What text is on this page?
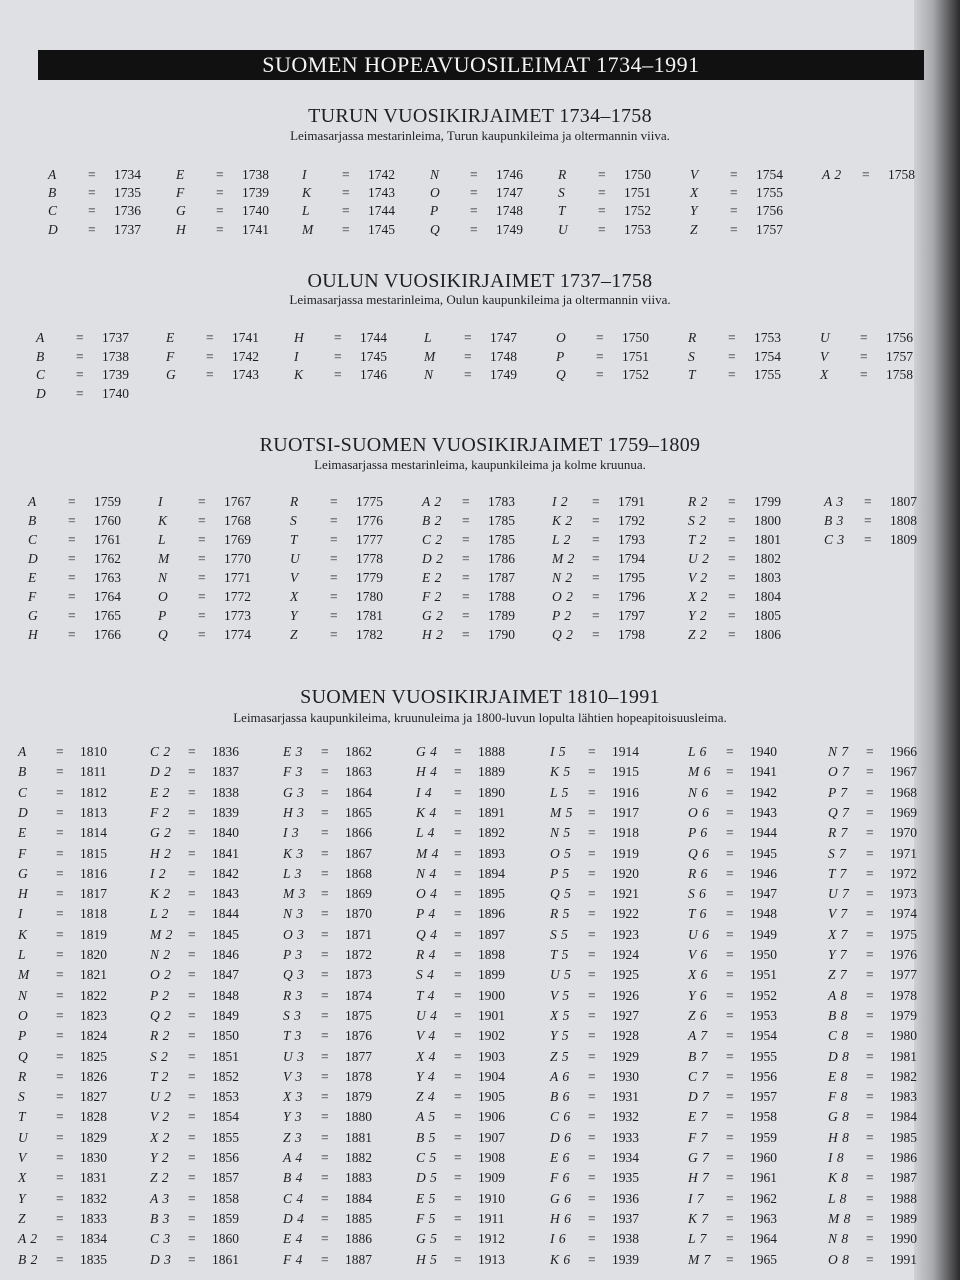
SUOMEN HOPEAVUOSILEIMAT 1734–1991
TURUN VUOSIKIRJAIMET 1734–1758
Leimasarjassa mestarinleima, Turun kaupunkileima ja oltermannin viiva.
A = 1734
B = 1735
C = 1736
D = 1737
E = 1738
F = 1739
G = 1740
H = 1741
I	= 1742
K = 1743
L = 1744
M = 1745
N = 1746
O = 1747
P = 1748
Q = 1749
R = 1750
S = 1751
T = 1752
U = 1753
V = 1754
X = 1755
Y = 1756
Z = 1757
A 2 = 1758
OULUN VUOSIKIRJAIMET 1737–1758
Leimasarjassa mestarinleima, Oulun kaupunkileima ja oltermannin viiva.
A = 1737
B = 1738
C = 1739
D = 1740
E = 1741
F = 1742
G = 1743
H = 1744
I	= 1745
K = 1746
L = 1747
M = 1748
N = 1749
O = 1750
P = 1751
Q = 1752
R = 1753
S = 1754
T = 1755
U = 1756
V = 1757
X = 1758
RUOTSI-SUOMEN VUOSIKIRJAIMET 1759–1809
Leimasarjassa mestarinleima, kaupunkileima ja kolme kruunua.
A = 1759
B = 1760
C = 1761
D = 1762
E = 1763
F = 1764
G = 1765
H = 1766
I	= 1767
K = 1768
L = 1769
M = 1770
N = 1771
O = 1772
P = 1773
Q = 1774
R = 1775
S = 1776
T = 1777
U = 1778
V = 1779
X = 1780
Y = 1781
Z = 1782
A 2 = 1783
B 2 = 1785
C 2 = 1785
D 2 = 1786
E 2 = 1787
F 2 = 1788
G 2 = 1789
H 2 = 1790
I 2 = 1791
K 2 = 1792
L 2 = 1793
M 2 = 1794
N 2 = 1795
O 2 = 1796
P 2 = 1797
Q 2 = 1798
R 2 = 1799
S 2 = 1800
T 2 = 1801
U 2 = 1802
V 2 = 1803
X 2 = 1804
Y 2 = 1805
Z 2 = 1806
A 3 = 1807
B 3 = 1808
C 3 = 1809
SUOMEN VUOSIKIRJAIMET 1810–1991
Leimasarjassa kaupunkileima, kruunuleima ja 1800-luvun lopulta lähtien hopeapitoisuusleima.
A = 1810
B = 1811
C = 1812
D = 1813
E = 1814
F = 1815
G = 1816
H = 1817
I = 1818
K = 1819
L = 1820
M = 1821
N = 1822
O = 1823
P = 1824
Q = 1825
R = 1826
S = 1827
T = 1828
U = 1829
V = 1830
X = 1831
Y = 1832
Z = 1833
A 2 = 1834
B 2 = 1835
C 2 = 1836
D 2 = 1837
E 2 = 1838
F 2 = 1839
G 2 = 1840
H 2 = 1841
I 2 = 1842
K 2 = 1843
L 2 = 1844
M 2 = 1845
N 2 = 1846
O 2 = 1847
P 2 = 1848
Q 2 = 1849
R 2 = 1850
S 2 = 1851
T 2 = 1852
U 2 = 1853
V 2 = 1854
X 2 = 1855
Y 2 = 1856
Z 2 = 1857
A 3 = 1858
B 3 = 1859
C 3 = 1860
D 3 = 1861
E 3 = 1862
F 3 = 1863
G 3 = 1864
H 3 = 1865
I 3 = 1866
K 3 = 1867
L 3 = 1868
M 3 = 1869
N 3 = 1870
O 3 = 1871
P 3 = 1872
Q 3 = 1873
R 3 = 1874
S 3 = 1875
T 3 = 1876
U 3 = 1877
V 3 = 1878
X 3 = 1879
Y 3 = 1880
Z 3 = 1881
A 4 = 1882
B 4 = 1883
C 4 = 1884
D 4 = 1885
E 4 = 1886
F 4 = 1887
G 4 = 1888
H 4 = 1889
I 4 = 1890
K 4 = 1891
L 4 = 1892
M 4 = 1893
N 4 = 1894
O 4 = 1895
P 4 = 1896
Q 4 = 1897
R 4 = 1898
S 4 = 1899
T 4 = 1900
U 4 = 1901
V 4 = 1902
X 4 = 1903
Y 4 = 1904
Z 4 = 1905
A 5 = 1906
B 5 = 1907
C 5 = 1908
D 5 = 1909
E 5 = 1910
F 5 = 1911
G 5 = 1912
H 5 = 1913
I 5 = 1914
K 5 = 1915
L 5 = 1916
M 5 = 1917
N 5 = 1918
O 5 = 1919
P 5 = 1920
Q 5 = 1921
R 5 = 1922
S 5 = 1923
T 5 = 1924
U 5 = 1925
V 5 = 1926
X 5 = 1927
Y 5 = 1928
Z 5 = 1929
A 6 = 1930
B 6 = 1931
C 6 = 1932
D 6 = 1933
E 6 = 1934
F 6 = 1935
G 6 = 1936
H 6 = 1937
I 6 = 1938
K 6 = 1939
L 6 = 1940
M 6 = 1941
N 6 = 1942
O 6 = 1943
P 6 = 1944
Q 6 = 1945
R 6 = 1946
S 6 = 1947
T 6 = 1948
U 6 = 1949
V 6 = 1950
X 6 = 1951
Y 6 = 1952
Z 6 = 1953
A 7 = 1954
B 7 = 1955
C 7 = 1956
D 7 = 1957
E 7 = 1958
F 7 = 1959
G 7 = 1960
H 7 = 1961
I 7 = 1962
K 7 = 1963
L 7 = 1964
M 7 = 1965
N 7 = 1966
O 7 = 1967
P 7 = 1968
Q 7 = 1969
R 7 = 1970
S 7 = 1971
T 7 = 1972
U 7 = 1973
V 7 = 1974
X 7 = 1975
Y 7 = 1976
Z 7 = 1977
A 8 = 1978
B 8 = 1979
C 8 = 1980
D 8 = 1981
E 8 = 1982
F 8 = 1983
G 8 = 1984
H 8 = 1985
I 8 = 1986
K 8 = 1987
L 8 = 1988
M 8 = 1989
N 8 = 1990
O 8 = 1991
